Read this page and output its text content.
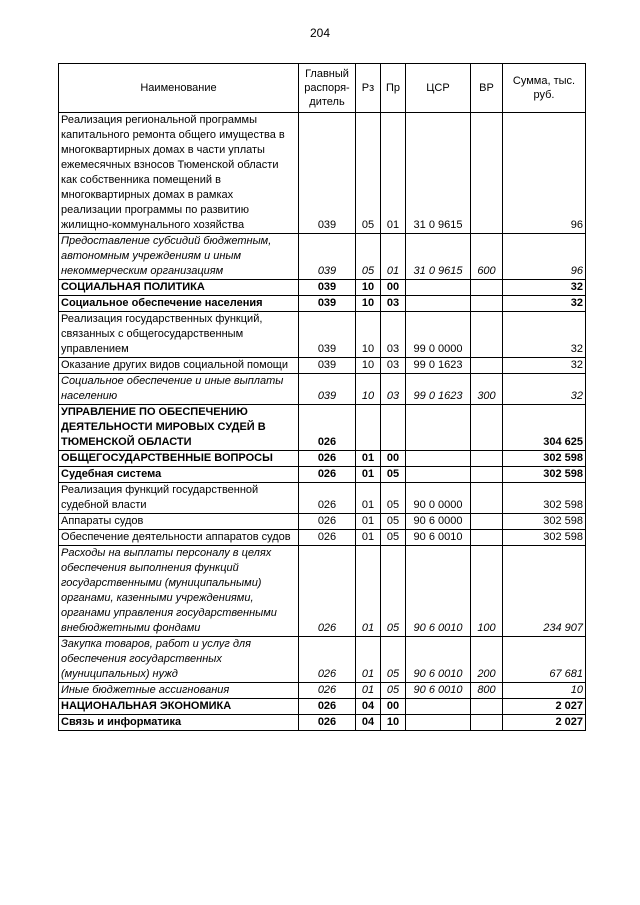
204
Наименование	Главный распоря-дитель	Рз	Пр	ЦСР	ВР	Сумма, тыс. руб.
Реализация региональной программы капитального ремонта общего имущества в многоквартирных домах в части уплаты ежемесячных взносов Тюменской области как собственника помещений в многоквартирных домах в рамках реализации программы по развитию жилищно-коммунального хозяйства	039	05	01	31 0 9615		96
Предоставление субсидий бюджетным, автономным учреждениям и иным некоммерческим организациям	039	05	01	31 0 9615	600	96
СОЦИАЛЬНАЯ ПОЛИТИКА	039	10	00			32
Социальное обеспечение населения	039	10	03			32
Реализация государственных функций, связанных с общегосударственным управлением	039	10	03	99 0 0000		32
Оказание других видов социальной помощи	039	10	03	99 0 1623		32
Социальное обеспечение и иные выплаты населению	039	10	03	99 0 1623	300	32
УПРАВЛЕНИЕ ПО ОБЕСПЕЧЕНИЮ ДЕЯТЕЛЬНОСТИ МИРОВЫХ СУДЕЙ В ТЮМЕНСКОЙ ОБЛАСТИ	026					304 625
ОБЩЕГОСУДАРСТВЕННЫЕ ВОПРОСЫ	026	01	00			302 598
Судебная система	026	01	05			302 598
Реализация функций государственной судебной власти	026	01	05	90 0 0000		302 598
Аппараты судов	026	01	05	90 6 0000		302 598
Обеспечение деятельности аппаратов судов	026	01	05	90 6 0010		302 598
Расходы на выплаты персоналу в целях обеспечения выполнения функций государственными (муниципальными) органами, казенными учреждениями, органами управления государственными внебюджетными фондами	026	01	05	90 6 0010	100	234 907
Закупка товаров, работ и услуг для обеспечения государственных (муниципальных) нужд	026	01	05	90 6 0010	200	67 681
Иные бюджетные ассигнования	026	01	05	90 6 0010	800	10
НАЦИОНАЛЬНАЯ ЭКОНОМИКА	026	04	00			2 027
Связь и информатика	026	04	10			2 027
